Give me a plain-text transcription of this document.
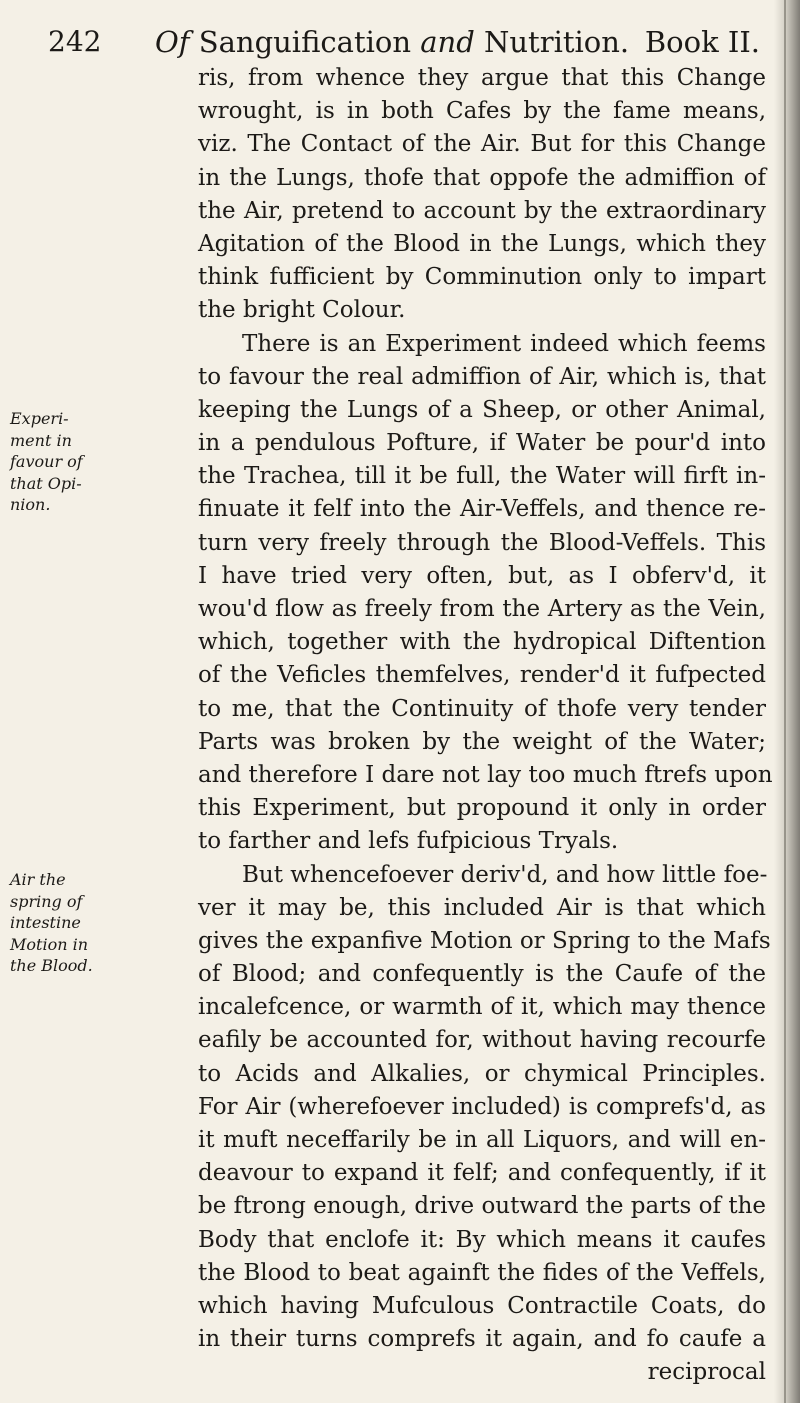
242 Of Sanguification and Nutrition. Book II.
Experi-
ment in
favour of
that Opi-
nion.
Air the
spring of
intestine
Motion in
the Blood.
ris, from whence they argue that this Change
wrought, is in both Cafes by the fame means,
viz. The Contact of the Air. But for this Change
in the Lungs, thofe that oppofe the admiffion of
the Air, pretend to account by the extraordinary
Agitation of the Blood in the Lungs, which they
think fufficient by Comminution only to impart
the bright Colour.
There is an Experiment indeed which feems
to favour the real admiffion of Air, which is, that
keeping the Lungs of a Sheep, or other Animal,
in a pendulous Pofture, if Water be pour'd into
the Trachea, till it be full, the Water will firft in-
finuate it felf into the Air-Veffels, and thence re-
turn very freely through the Blood-Veffels. This
I have tried very often, but, as I obferv'd, it
wou'd flow as freely from the Artery as the Vein,
which, together with the hydropical Diftention
of the Veficles themfelves, render'd it fufpected
to me, that the Continuity of thofe very tender
Parts was broken by the weight of the Water;
and therefore I dare not lay too much ftrefs upon
this Experiment, but propound it only in order
to farther and lefs fufpicious Tryals.
But whencefoever deriv'd, and how little foe-
ver it may be, this included Air is that which
gives the expanfive Motion or Spring to the Mafs
of Blood; and confequently is the Caufe of the
incalefcence, or warmth of it, which may thence
eafily be accounted for, without having recourfe
to Acids and Alkalies, or chymical Principles.
For Air (wherefoever included) is comprefs'd, as
it muft neceffarily be in all Liquors, and will en-
deavour to expand it felf; and confequently, if it
be ftrong enough, drive outward the parts of the
Body that enclofe it: By which means it caufes
the Blood to beat againft the fides of the Veffels,
which having Mufculous Contractile Coats, do
in their turns comprefs it again, and fo caufe a
reciprocal
